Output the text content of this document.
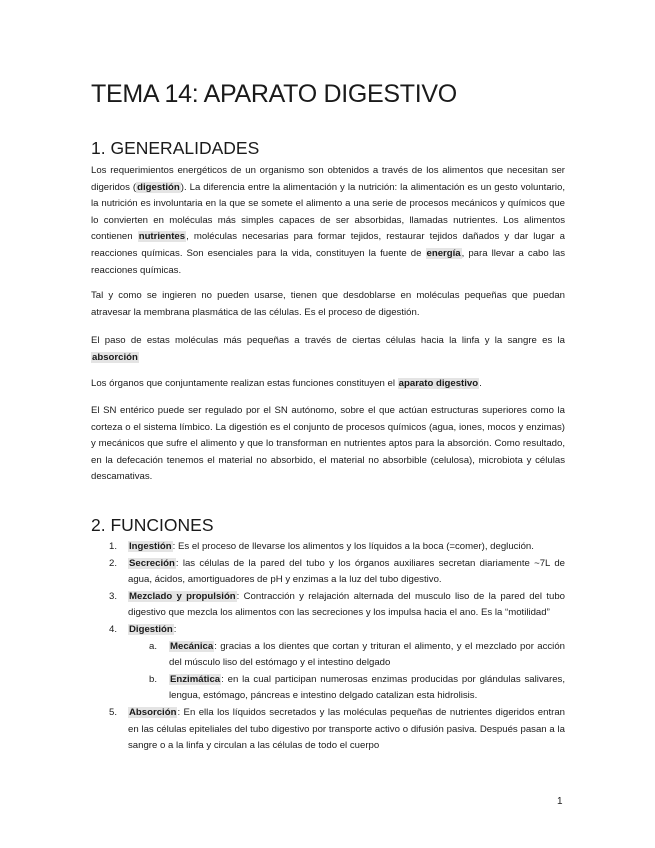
TEMA 14: APARATO DIGESTIVO
1. GENERALIDADES

Los requerimientos energéticos de un organismo son obtenidos a través de los alimentos que necesitan ser digeridos (digestión). La diferencia entre la alimentación y la nutrición: la alimentación es un gesto voluntario, la nutrición es involuntaria en la que se somete el alimento a una serie de procesos mecánicos y químicos que lo convierten en moléculas más simples capaces de ser absorbidas, llamadas nutrientes. Los alimentos contienen nutrientes, moléculas necesarias para formar tejidos, restaurar tejidos dañados y dar lugar a reacciones químicas. Son esenciales para la vida, constituyen la fuente de energía, para llevar a cabo las reacciones químicas.

Tal y como se ingieren no pueden usarse, tienen que desdoblarse en moléculas pequeñas que puedan atravesar la membrana plasmática de las células. Es el proceso de digestión.

El paso de estas moléculas más pequeñas a través de ciertas células hacia la linfa y la sangre es la absorción

Los órganos que conjuntamente realizan estas funciones constituyen el aparato digestivo.

El SN entérico puede ser regulado por el SN autónomo, sobre el que actúan estructuras superiores como la corteza o el sistema límbico. La digestión es el conjunto de procesos químicos (agua, iones, mocos y enzimas) y mecánicos que sufre el alimento y que lo transforman en nutrientes aptos para la absorción. Como resultado, en la defecación tenemos el material no absorbido, el material no absorbible (celulosa), microbiota y células descamativas.

2. FUNCIONES
1. Ingestión: Es el proceso de llevarse los alimentos y los líquidos a la boca (=comer), deglución.
2. Secreción: las células de la pared del tubo y los órganos auxiliares secretan diariamente ~7L de agua, ácidos, amortiguadores de pH y enzimas a la luz del tubo digestivo.
3. Mezclado y propulsión: Contracción y relajación alternada del musculo liso de la pared del tubo digestivo que mezcla los alimentos con las secreciones y los impulsa hacia el ano. Es la “motilidad”
4. Digestión:
a. Mecánica: gracias a los dientes que cortan y trituran el alimento, y el mezclado por acción del músculo liso del estómago y el intestino delgado
b. Enzimática: en la cual participan numerosas enzimas producidas por glándulas salivares, lengua, estómago, páncreas e intestino delgado catalizan esta hidrolisis.
5. Absorción: En ella los líquidos secretados y las moléculas pequeñas de nutrientes digeridos entran en las células epiteliales del tubo digestivo por transporte activo o difusión pasiva. Después pasan a la sangre o a la linfa y circulan a las células de todo el cuerpo
1
